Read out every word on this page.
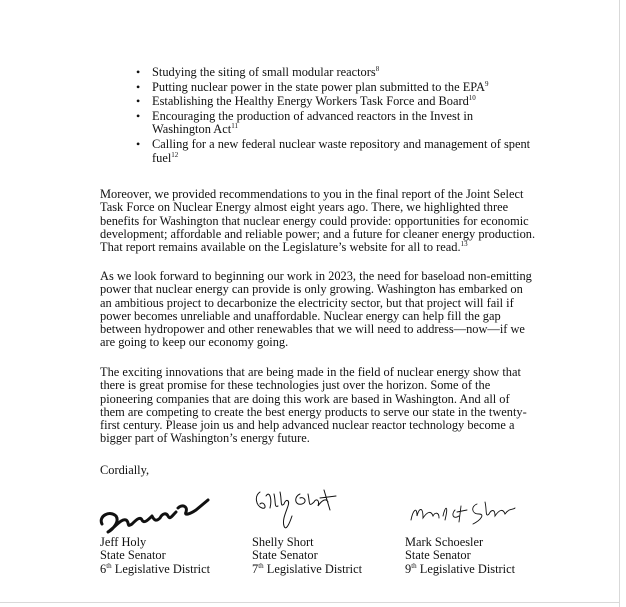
• Studying the siting of small modular reactors$^8$
• Putting nuclear power in the state power plan submitted to the EPA$^9$
• Establishing the Healthy Energy Workers Task Force and Board$^{10}$
• Encouraging the production of advanced reactors in the Invest in Washington Act$^{11}$
• Calling for a new federal nuclear waste repository and management of spent fuel$^{12}$

Moreover, we provided recommendations to you in the final report of the Joint Select Task Force on Nuclear Energy almost eight years ago. There, we highlighted three benefits for Washington that nuclear energy could provide: opportunities for economic development; affordable and reliable power; and a future for cleaner energy production. That report remains available on the Legislature’s website for all to read.$^{13}$

As we look forward to beginning our work in 2023, the need for baseload non-emitting power that nuclear energy can provide is only growing. Washington has embarked on an ambitious project to decarbonize the electricity sector, but that project will fail if power becomes unreliable and unaffordable. Nuclear energy can help fill the gap between hydropower and other renewables that we will need to address—now—if we are going to keep our economy going.

The exciting innovations that are being made in the field of nuclear energy show that there is great promise for these technologies just over the horizon. Some of the pioneering companies that are doing this work are based in Washington. And all of them are competing to create the best energy products to serve our state in the twenty-first century. Please join us and help advanced nuclear reactor technology become a bigger part of Washington’s energy future.

Cordially,
Jeff Holy
State Senator
6th Legislative District
Shelly Short
State Senator
7th Legislative District
Mark Schoesler
State Senator
9th Legislative District
